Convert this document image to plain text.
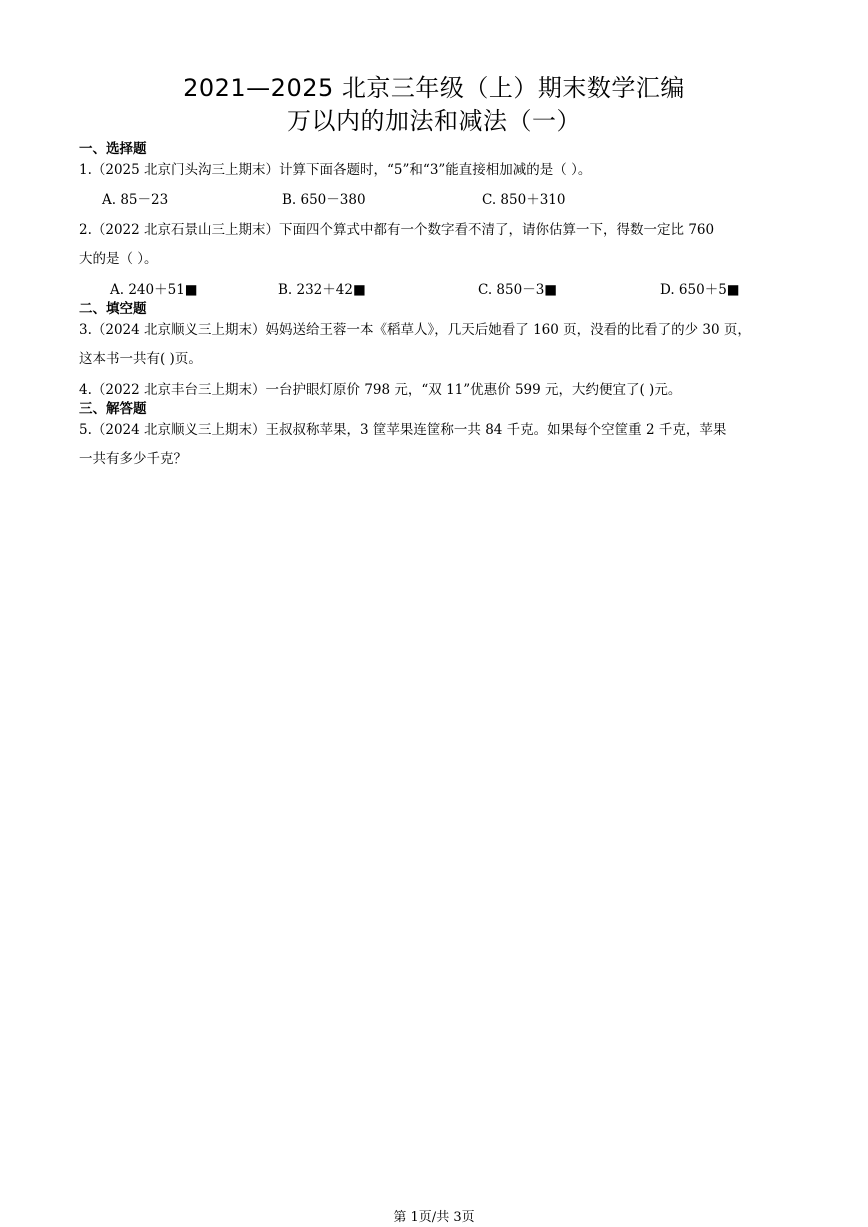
2021—2025 北京三年级（上）期末数学汇编
万以内的加法和减法（一）
一、选择题
1.（2025 北京门头沟三上期末）计算下面各题时，“5”和“3”能直接相加减的是（ ）。
A. 85－23	B. 650－380	C. 850＋310
2.（2022 北京石景山三上期末）下面四个算式中都有一个数字看不清了，请你估算一下，得数一定比 760
大的是（ ）。
A. 240＋51■	B. 232＋42■	C. 850－3■	D. 650＋5■
二、填空题
3.（2024 北京顺义三上期末）妈妈送给王蓉一本《稻草人》，几天后她看了 160 页，没看的比看了的少 30 页，
这本书一共有( )页。
4.（2022 北京丰台三上期末）一台护眼灯原价 798 元，“双 11”优惠价 599 元，大约便宜了( )元。
三、解答题
5.（2024 北京顺义三上期末）王叔叔称苹果，3 筐苹果连筐称一共 84 千克。如果每个空筐重 2 千克，苹果
一共有多少千克？
第 1页/共 3页
